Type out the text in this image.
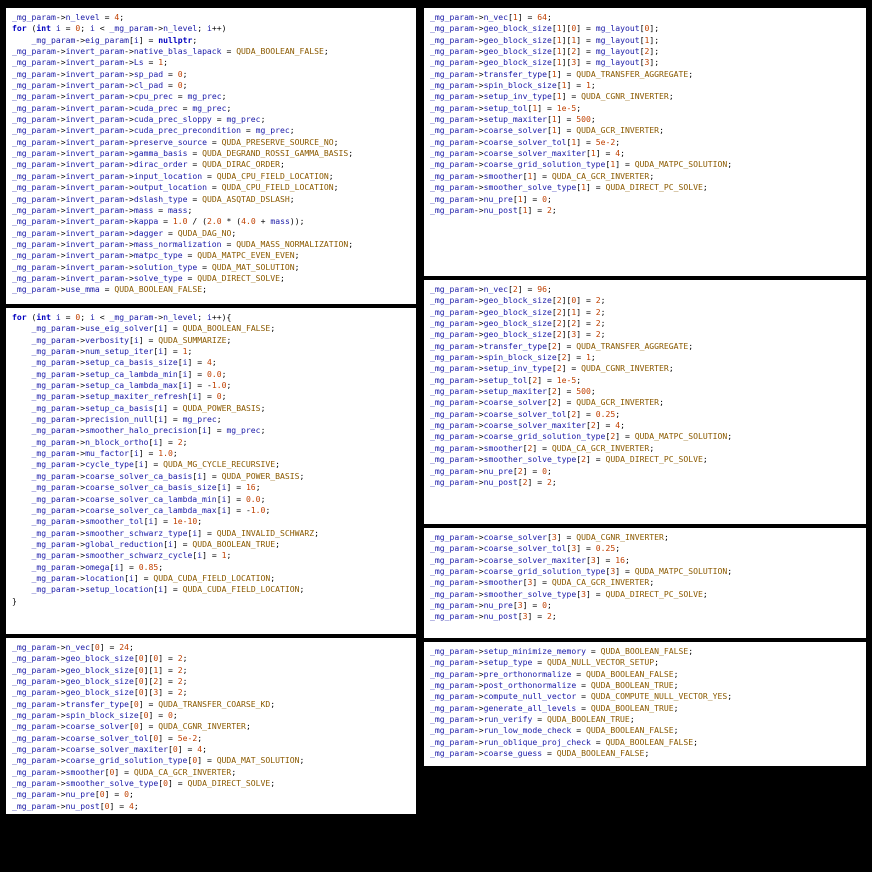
_mg_param->n_level = 4;
for (int i = 0; i < _mg_param->n_level; i++)
_mg_param->eig_param[i] = nullptr;
_mg_param->invert_param->native_blas_lapack = QUDA_BOOLEAN_FALSE;
_mg_param->invert_param->Ls = 1;
_mg_param->invert_param->sp_pad = 0;
_mg_param->invert_param->cl_pad = 0;
_mg_param->invert_param->cpu_prec = mg_prec;
_mg_param->invert_param->cuda_prec = mg_prec;
_mg_param->invert_param->cuda_prec_sloppy = mg_prec;
_mg_param->invert_param->cuda_prec_precondition = mg_prec;
_mg_param->invert_param->preserve_source = QUDA_PRESERVE_SOURCE_NO;
_mg_param->invert_param->gamma_basis = QUDA_DEGRAND_ROSSI_GAMMA_BASIS;
_mg_param->invert_param->dirac_order = QUDA_DIRAC_ORDER;
_mg_param->invert_param->input_location = QUDA_CPU_FIELD_LOCATION;
_mg_param->invert_param->output_location = QUDA_CPU_FIELD_LOCATION;
_mg_param->invert_param->dslash_type = QUDA_ASQTAD_DSLASH;
_mg_param->invert_param->mass = mass;
_mg_param->invert_param->kappa = 1.0 / (2.0 * (4.0 + mass));
_mg_param->invert_param->dagger = QUDA_DAG_NO;
_mg_param->invert_param->mass_normalization = QUDA_MASS_NORMALIZATION;
_mg_param->invert_param->matpc_type = QUDA_MATPC_EVEN_EVEN;
_mg_param->invert_param->solution_type = QUDA_MAT_SOLUTION;
_mg_param->invert_param->solve_type = QUDA_DIRECT_SOLVE;
_mg_param->use_mma = QUDA_BOOLEAN_FALSE;
for (int i = 0; i < _mg_param->n_level; i++){
_mg_param->use_eig_solver[i] = QUDA_BOOLEAN_FALSE;
_mg_param->verbosity[i] = QUDA_SUMMARIZE;
_mg_param->num_setup_iter[i] = 1;
_mg_param->setup_ca_basis_size[i] = 4;
_mg_param->setup_ca_lambda_min[i] = 0.0;
_mg_param->setup_ca_lambda_max[i] = -1.0;
_mg_param->setup_maxiter_refresh[i] = 0;
_mg_param->setup_ca_basis[i] = QUDA_POWER_BASIS;
_mg_param->precision_null[i] = mg_prec;
_mg_param->smoother_halo_precision[i] = mg_prec;
_mg_param->n_block_ortho[i] = 2;
_mg_param->mu_factor[i] = 1.0;
_mg_param->cycle_type[i] = QUDA_MG_CYCLE_RECURSIVE;
_mg_param->coarse_solver_ca_basis[i] = QUDA_POWER_BASIS;
_mg_param->coarse_solver_ca_basis_size[i] = 16;
_mg_param->coarse_solver_ca_lambda_min[i] = 0.0;
_mg_param->coarse_solver_ca_lambda_max[i] = -1.0;
_mg_param->smoother_tol[i] = 1e-10;
_mg_param->smoother_schwarz_type[i] = QUDA_INVALID_SCHWARZ;
_mg_param->global_reduction[i] = QUDA_BOOLEAN_TRUE;
_mg_param->smoother_schwarz_cycle[i] = 1;
_mg_param->omega[i] = 0.85;
_mg_param->location[i] = QUDA_CUDA_FIELD_LOCATION;
_mg_param->setup_location[i] = QUDA_CUDA_FIELD_LOCATION;
}
_mg_param->n_vec[0] = 24;
_mg_param->geo_block_size[0][0] = 2;
_mg_param->geo_block_size[0][1] = 2;
_mg_param->geo_block_size[0][2] = 2;
_mg_param->geo_block_size[0][3] = 2;
_mg_param->transfer_type[0] = QUDA_TRANSFER_COARSE_KD;
_mg_param->spin_block_size[0] = 0;
_mg_param->coarse_solver[0] = QUDA_CGNR_INVERTER;
_mg_param->coarse_solver_tol[0] = 5e-2;
_mg_param->coarse_solver_maxiter[0] = 4;
_mg_param->coarse_grid_solution_type[0] = QUDA_MAT_SOLUTION;
_mg_param->smoother[0] = QUDA_CA_GCR_INVERTER;
_mg_param->smoother_solve_type[0] = QUDA_DIRECT_SOLVE;
_mg_param->nu_pre[0] = 0;
_mg_param->nu_post[0] = 4;
_mg_param->n_vec[1] = 64;
_mg_param->geo_block_size[1][0] = mg_layout[0];
_mg_param->geo_block_size[1][1] = mg_layout[1];
_mg_param->geo_block_size[1][2] = mg_layout[2];
_mg_param->geo_block_size[1][3] = mg_layout[3];
_mg_param->transfer_type[1] = QUDA_TRANSFER_AGGREGATE;
_mg_param->spin_block_size[1] = 1;
_mg_param->setup_inv_type[1] = QUDA_CGNR_INVERTER;
_mg_param->setup_tol[1] = 1e-5;
_mg_param->setup_maxiter[1] = 500;
_mg_param->coarse_solver[1] = QUDA_GCR_INVERTER;
_mg_param->coarse_solver_tol[1] = 5e-2;
_mg_param->coarse_solver_maxiter[1] = 4;
_mg_param->coarse_grid_solution_type[1] = QUDA_MATPC_SOLUTION;
_mg_param->smoother[1] = QUDA_CA_GCR_INVERTER;
_mg_param->smoother_solve_type[1] = QUDA_DIRECT_PC_SOLVE;
_mg_param->nu_pre[1] = 0;
_mg_param->nu_post[1] = 2;
_mg_param->n_vec[2] = 96;
_mg_param->geo_block_size[2][0] = 2;
_mg_param->geo_block_size[2][1] = 2;
_mg_param->geo_block_size[2][2] = 2;
_mg_param->geo_block_size[2][3] = 2;
_mg_param->transfer_type[2] = QUDA_TRANSFER_AGGREGATE;
_mg_param->spin_block_size[2] = 1;
_mg_param->setup_inv_type[2] = QUDA_CGNR_INVERTER;
_mg_param->setup_tol[2] = 1e-5;
_mg_param->setup_maxiter[2] = 500;
_mg_param->coarse_solver[2] = QUDA_GCR_INVERTER;
_mg_param->coarse_solver_tol[2] = 0.25;
_mg_param->coarse_solver_maxiter[2] = 4;
_mg_param->coarse_grid_solution_type[2] = QUDA_MATPC_SOLUTION;
_mg_param->smoother[2] = QUDA_CA_GCR_INVERTER;
_mg_param->smoother_solve_type[2] = QUDA_DIRECT_PC_SOLVE;
_mg_param->nu_pre[2] = 0;
_mg_param->nu_post[2] = 2;
_mg_param->coarse_solver[3] = QUDA_CGNR_INVERTER;
_mg_param->coarse_solver_tol[3] = 0.25;
_mg_param->coarse_solver_maxiter[3] = 16;
_mg_param->coarse_grid_solution_type[3] = QUDA_MATPC_SOLUTION;
_mg_param->smoother[3] = QUDA_CA_GCR_INVERTER;
_mg_param->smoother_solve_type[3] = QUDA_DIRECT_PC_SOLVE;
_mg_param->nu_pre[3] = 0;
_mg_param->nu_post[3] = 2;
_mg_param->setup_minimize_memory = QUDA_BOOLEAN_FALSE;
_mg_param->setup_type = QUDA_NULL_VECTOR_SETUP;
_mg_param->pre_orthonormalize = QUDA_BOOLEAN_FALSE;
_mg_param->post_orthonormalize = QUDA_BOOLEAN_TRUE;
_mg_param->compute_null_vector = QUDA_COMPUTE_NULL_VECTOR_YES;
_mg_param->generate_all_levels = QUDA_BOOLEAN_TRUE;
_mg_param->run_verify = QUDA_BOOLEAN_TRUE;
_mg_param->run_low_mode_check = QUDA_BOOLEAN_FALSE;
_mg_param->run_oblique_proj_check = QUDA_BOOLEAN_FALSE;
_mg_param->coarse_guess = QUDA_BOOLEAN_FALSE;
